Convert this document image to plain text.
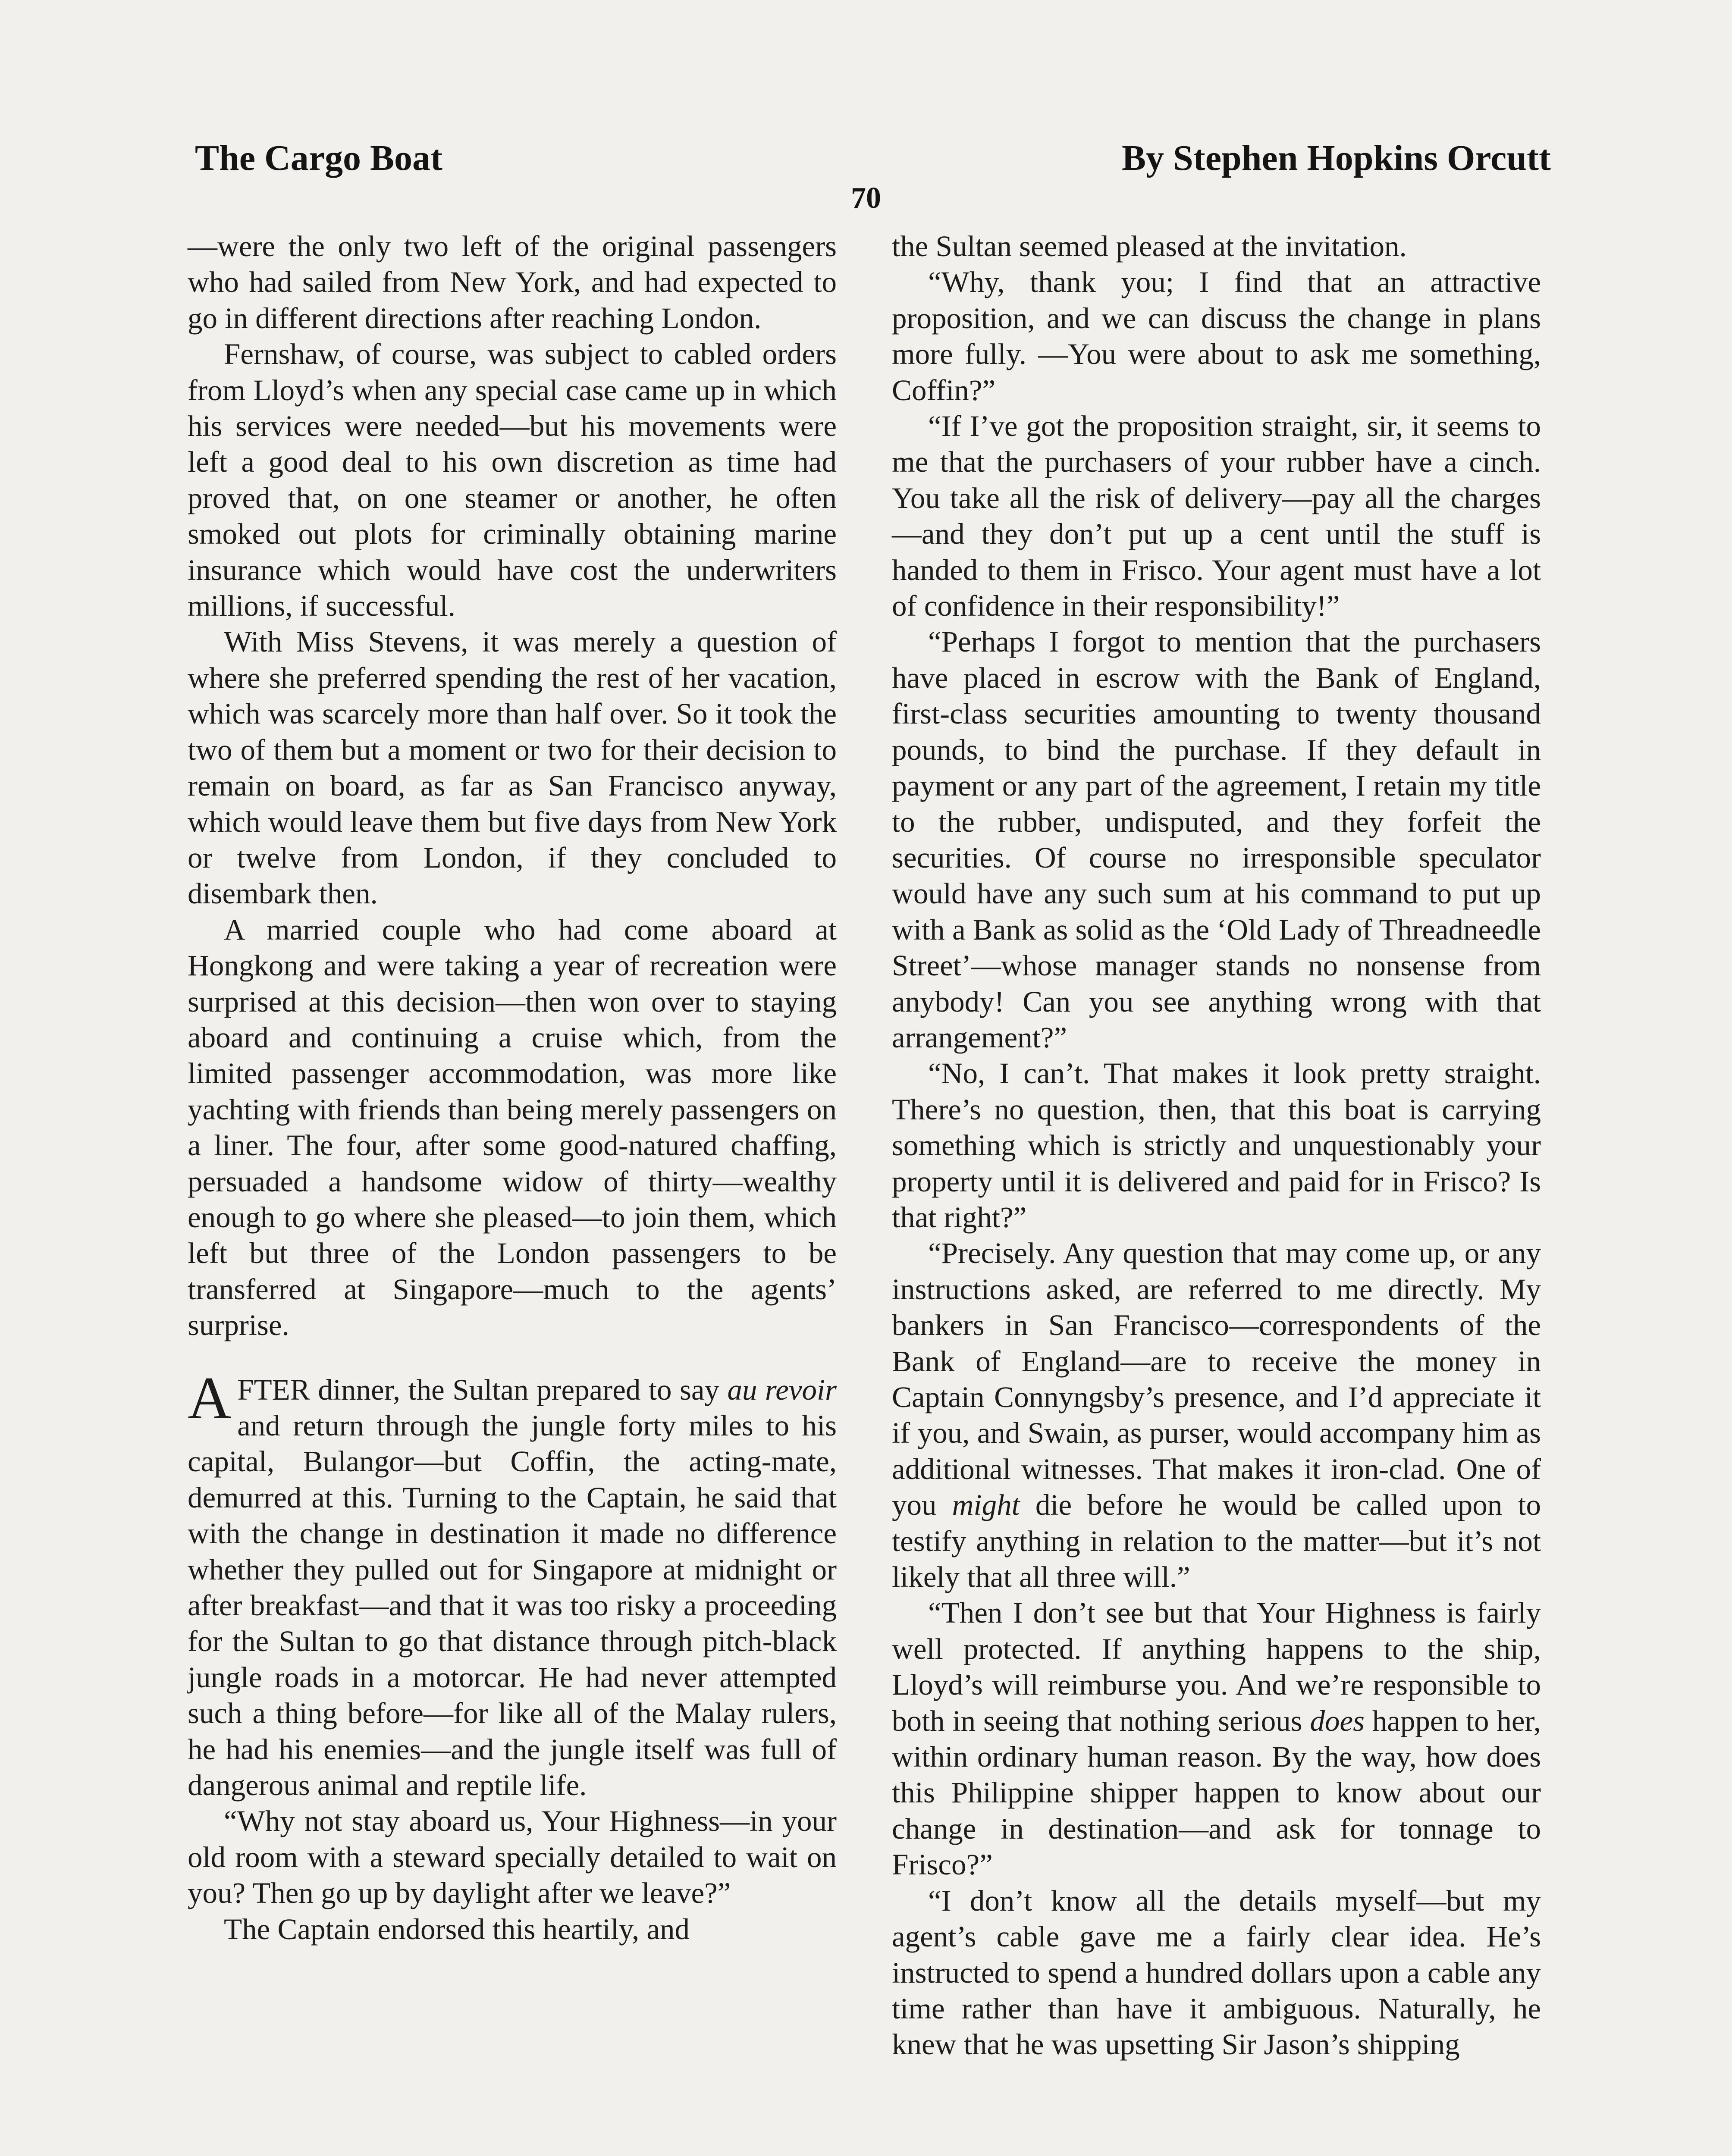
The Cargo Boat	By Stephen Hopkins Orcutt
70

—were the only two left of the original passengers who had sailed from New York, and had expected to go in different directions after reaching London.

Fernshaw, of course, was subject to cabled orders from Lloyd’s when any special case came up in which his services were needed—but his movements were left a good deal to his own discretion as time had proved that, on one steamer or another, he often smoked out plots for criminally obtaining marine insurance which would have cost the underwriters millions, if successful.

With Miss Stevens, it was merely a question of where she preferred spending the rest of her vacation, which was scarcely more than half over. So it took the two of them but a moment or two for their decision to remain on board, as far as San Francisco anyway, which would leave them but five days from New York or twelve from London, if they concluded to disembark then.

A married couple who had come aboard at Hongkong and were taking a year of recreation were surprised at this decision—then won over to staying aboard and continuing a cruise which, from the limited passenger accommodation, was more like yachting with friends than being merely passengers on a liner. The four, after some good-natured chaffing, persuaded a handsome widow of thirty—wealthy enough to go where she pleased—to join them, which left but three of the London passengers to be transferred at Singapore—much to the agents’ surprise.

AFTER dinner, the Sultan prepared to say au revoir and return through the jungle forty miles to his capital, Bulangor—but Coffin, the acting-mate, demurred at this. Turning to the Captain, he said that with the change in destination it made no difference whether they pulled out for Singapore at midnight or after breakfast—and that it was too risky a proceeding for the Sultan to go that distance through pitch-black jungle roads in a motorcar. He had never attempted such a thing before—for like all of the Malay rulers, he had his enemies—and the jungle itself was full of dangerous animal and reptile life.

“Why not stay aboard us, Your Highness—in your old room with a steward specially detailed to wait on you? Then go up by daylight after we leave?”

The Captain endorsed this heartily, and

the Sultan seemed pleased at the invitation.

“Why, thank you; I find that an attractive proposition, and we can discuss the change in plans more fully. —You were about to ask me something, Coffin?”

“If I’ve got the proposition straight, sir, it seems to me that the purchasers of your rubber have a cinch. You take all the risk of delivery—pay all the charges—and they don’t put up a cent until the stuff is handed to them in Frisco. Your agent must have a lot of confidence in their responsibility!”

“Perhaps I forgot to mention that the purchasers have placed in escrow with the Bank of England, first-class securities amounting to twenty thousand pounds, to bind the purchase. If they default in payment or any part of the agreement, I retain my title to the rubber, undisputed, and they forfeit the securities. Of course no irresponsible speculator would have any such sum at his command to put up with a Bank as solid as the ‘Old Lady of Threadneedle Street’—whose manager stands no nonsense from anybody! Can you see anything wrong with that arrangement?”

“No, I can’t. That makes it look pretty straight. There’s no question, then, that this boat is carrying something which is strictly and unquestionably your property until it is delivered and paid for in Frisco? Is that right?”

“Precisely. Any question that may come up, or any instructions asked, are referred to me directly. My bankers in San Francisco—correspondents of the Bank of England—are to receive the money in Captain Connyngsby’s presence, and I’d appreciate it if you, and Swain, as purser, would accompany him as additional witnesses. That makes it iron-clad. One of you might die before he would be called upon to testify anything in relation to the matter—but it’s not likely that all three will.”

“Then I don’t see but that Your Highness is fairly well protected. If anything happens to the ship, Lloyd’s will reimburse you. And we’re responsible to both in seeing that nothing serious does happen to her, within ordinary human reason. By the way, how does this Philippine shipper happen to know about our change in destination—and ask for tonnage to Frisco?”

“I don’t know all the details myself—but my agent’s cable gave me a fairly clear idea. He’s instructed to spend a hundred dollars upon a cable any time rather than have it ambiguous. Naturally, he knew that he was upsetting Sir Jason’s shipping
